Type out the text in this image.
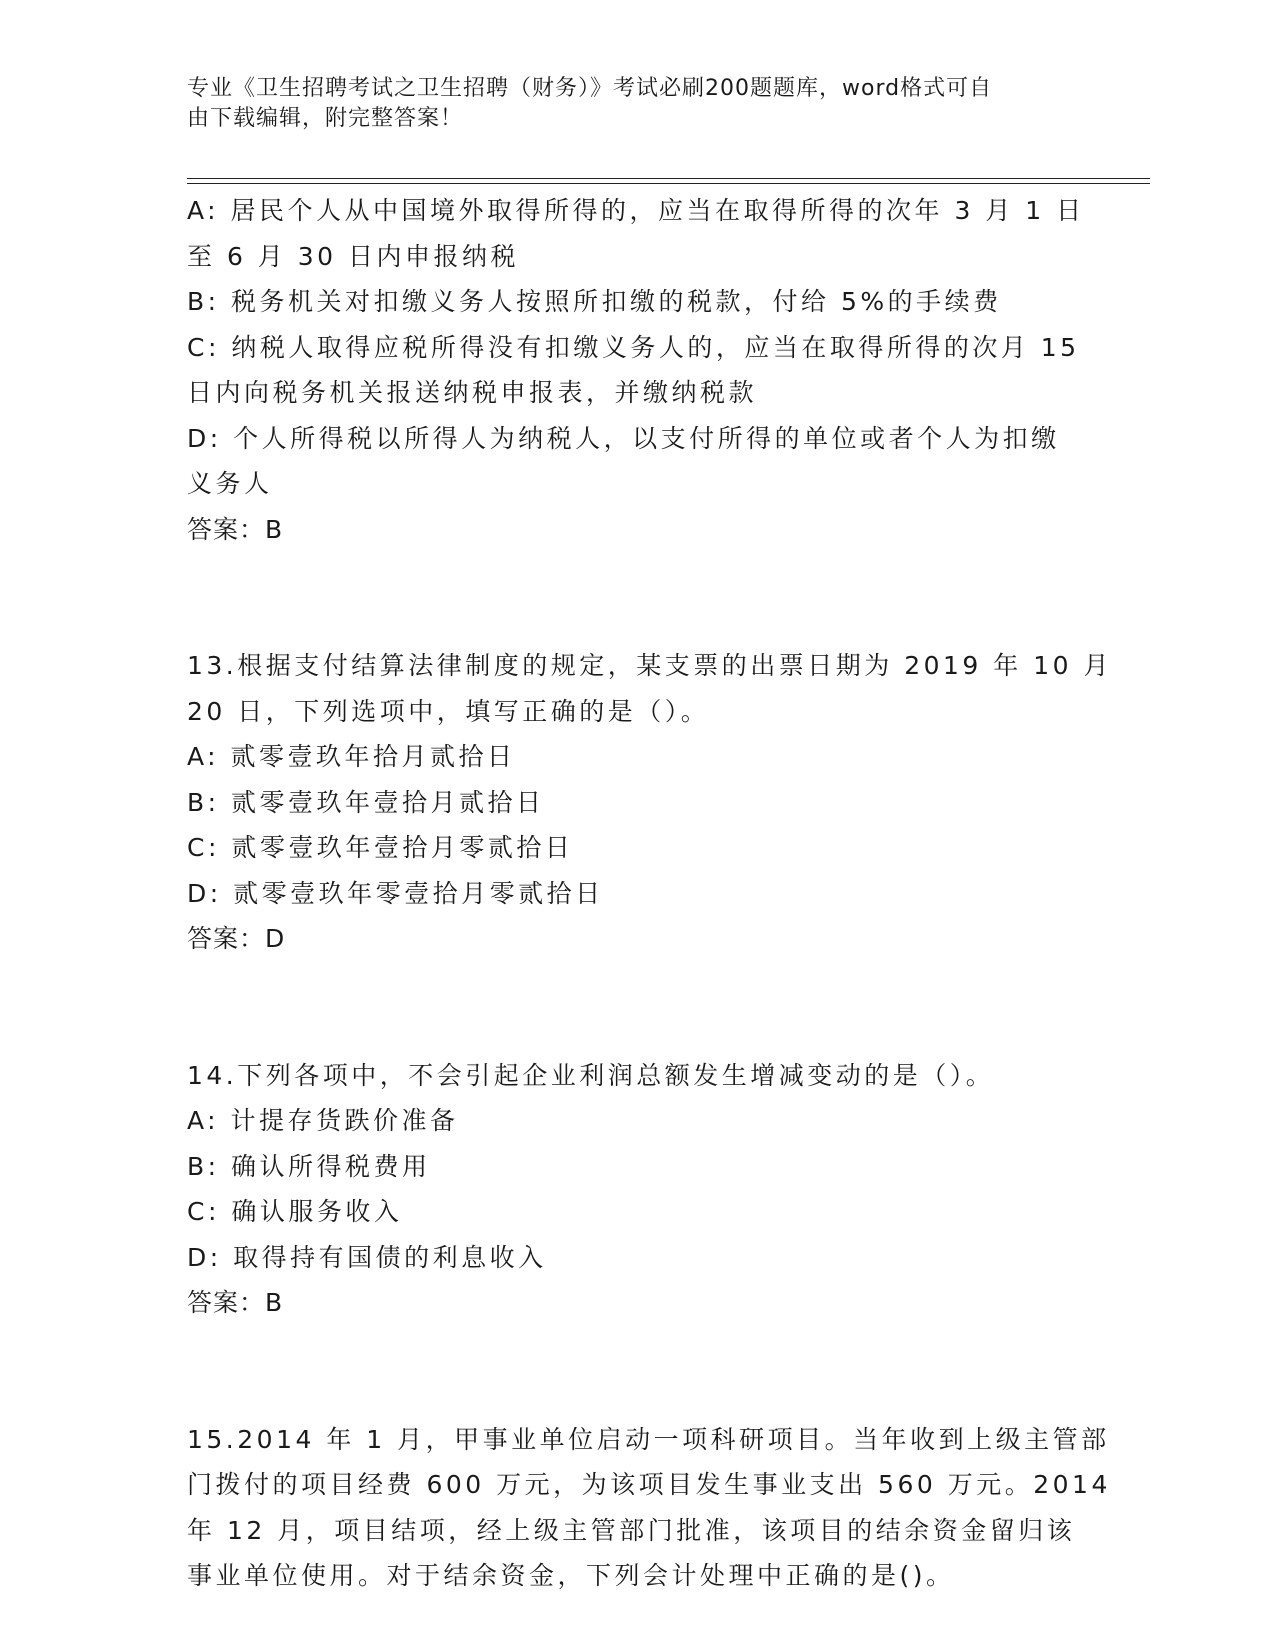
专业《卫生招聘考试之卫生招聘（财务）》考试必刷200题题库，word格式可自
由下载编辑，附完整答案！
A: 居民个人从中国境外取得所得的，应当在取得所得的次年 3 月 1 日
至 6 月 30 日内申报纳税
B: 税务机关对扣缴义务人按照所扣缴的税款，付给 5%的手续费
C: 纳税人取得应税所得没有扣缴义务人的，应当在取得所得的次月 15
日内向税务机关报送纳税申报表，并缴纳税款
D: 个人所得税以所得人为纳税人，以支付所得的单位或者个人为扣缴
义务人
答案：B
13.根据支付结算法律制度的规定，某支票的出票日期为 2019 年 10 月
20 日，下列选项中，填写正确的是（）。
A: 贰零壹玖年拾月贰拾日
B: 贰零壹玖年壹拾月贰拾日
C: 贰零壹玖年壹拾月零贰拾日
D: 贰零壹玖年零壹拾月零贰拾日
答案：D
14.下列各项中，不会引起企业利润总额发生增减变动的是（）。
A: 计提存货跌价准备
B: 确认所得税费用
C: 确认服务收入
D: 取得持有国债的利息收入
答案：B
15.2014 年 1 月，甲事业单位启动一项科研项目。当年收到上级主管部
门拨付的项目经费 600 万元，为该项目发生事业支出 560 万元。2014
年 12 月，项目结项，经上级主管部门批准，该项目的结余资金留归该
事业单位使用。对于结余资金，下列会计处理中正确的是()。
